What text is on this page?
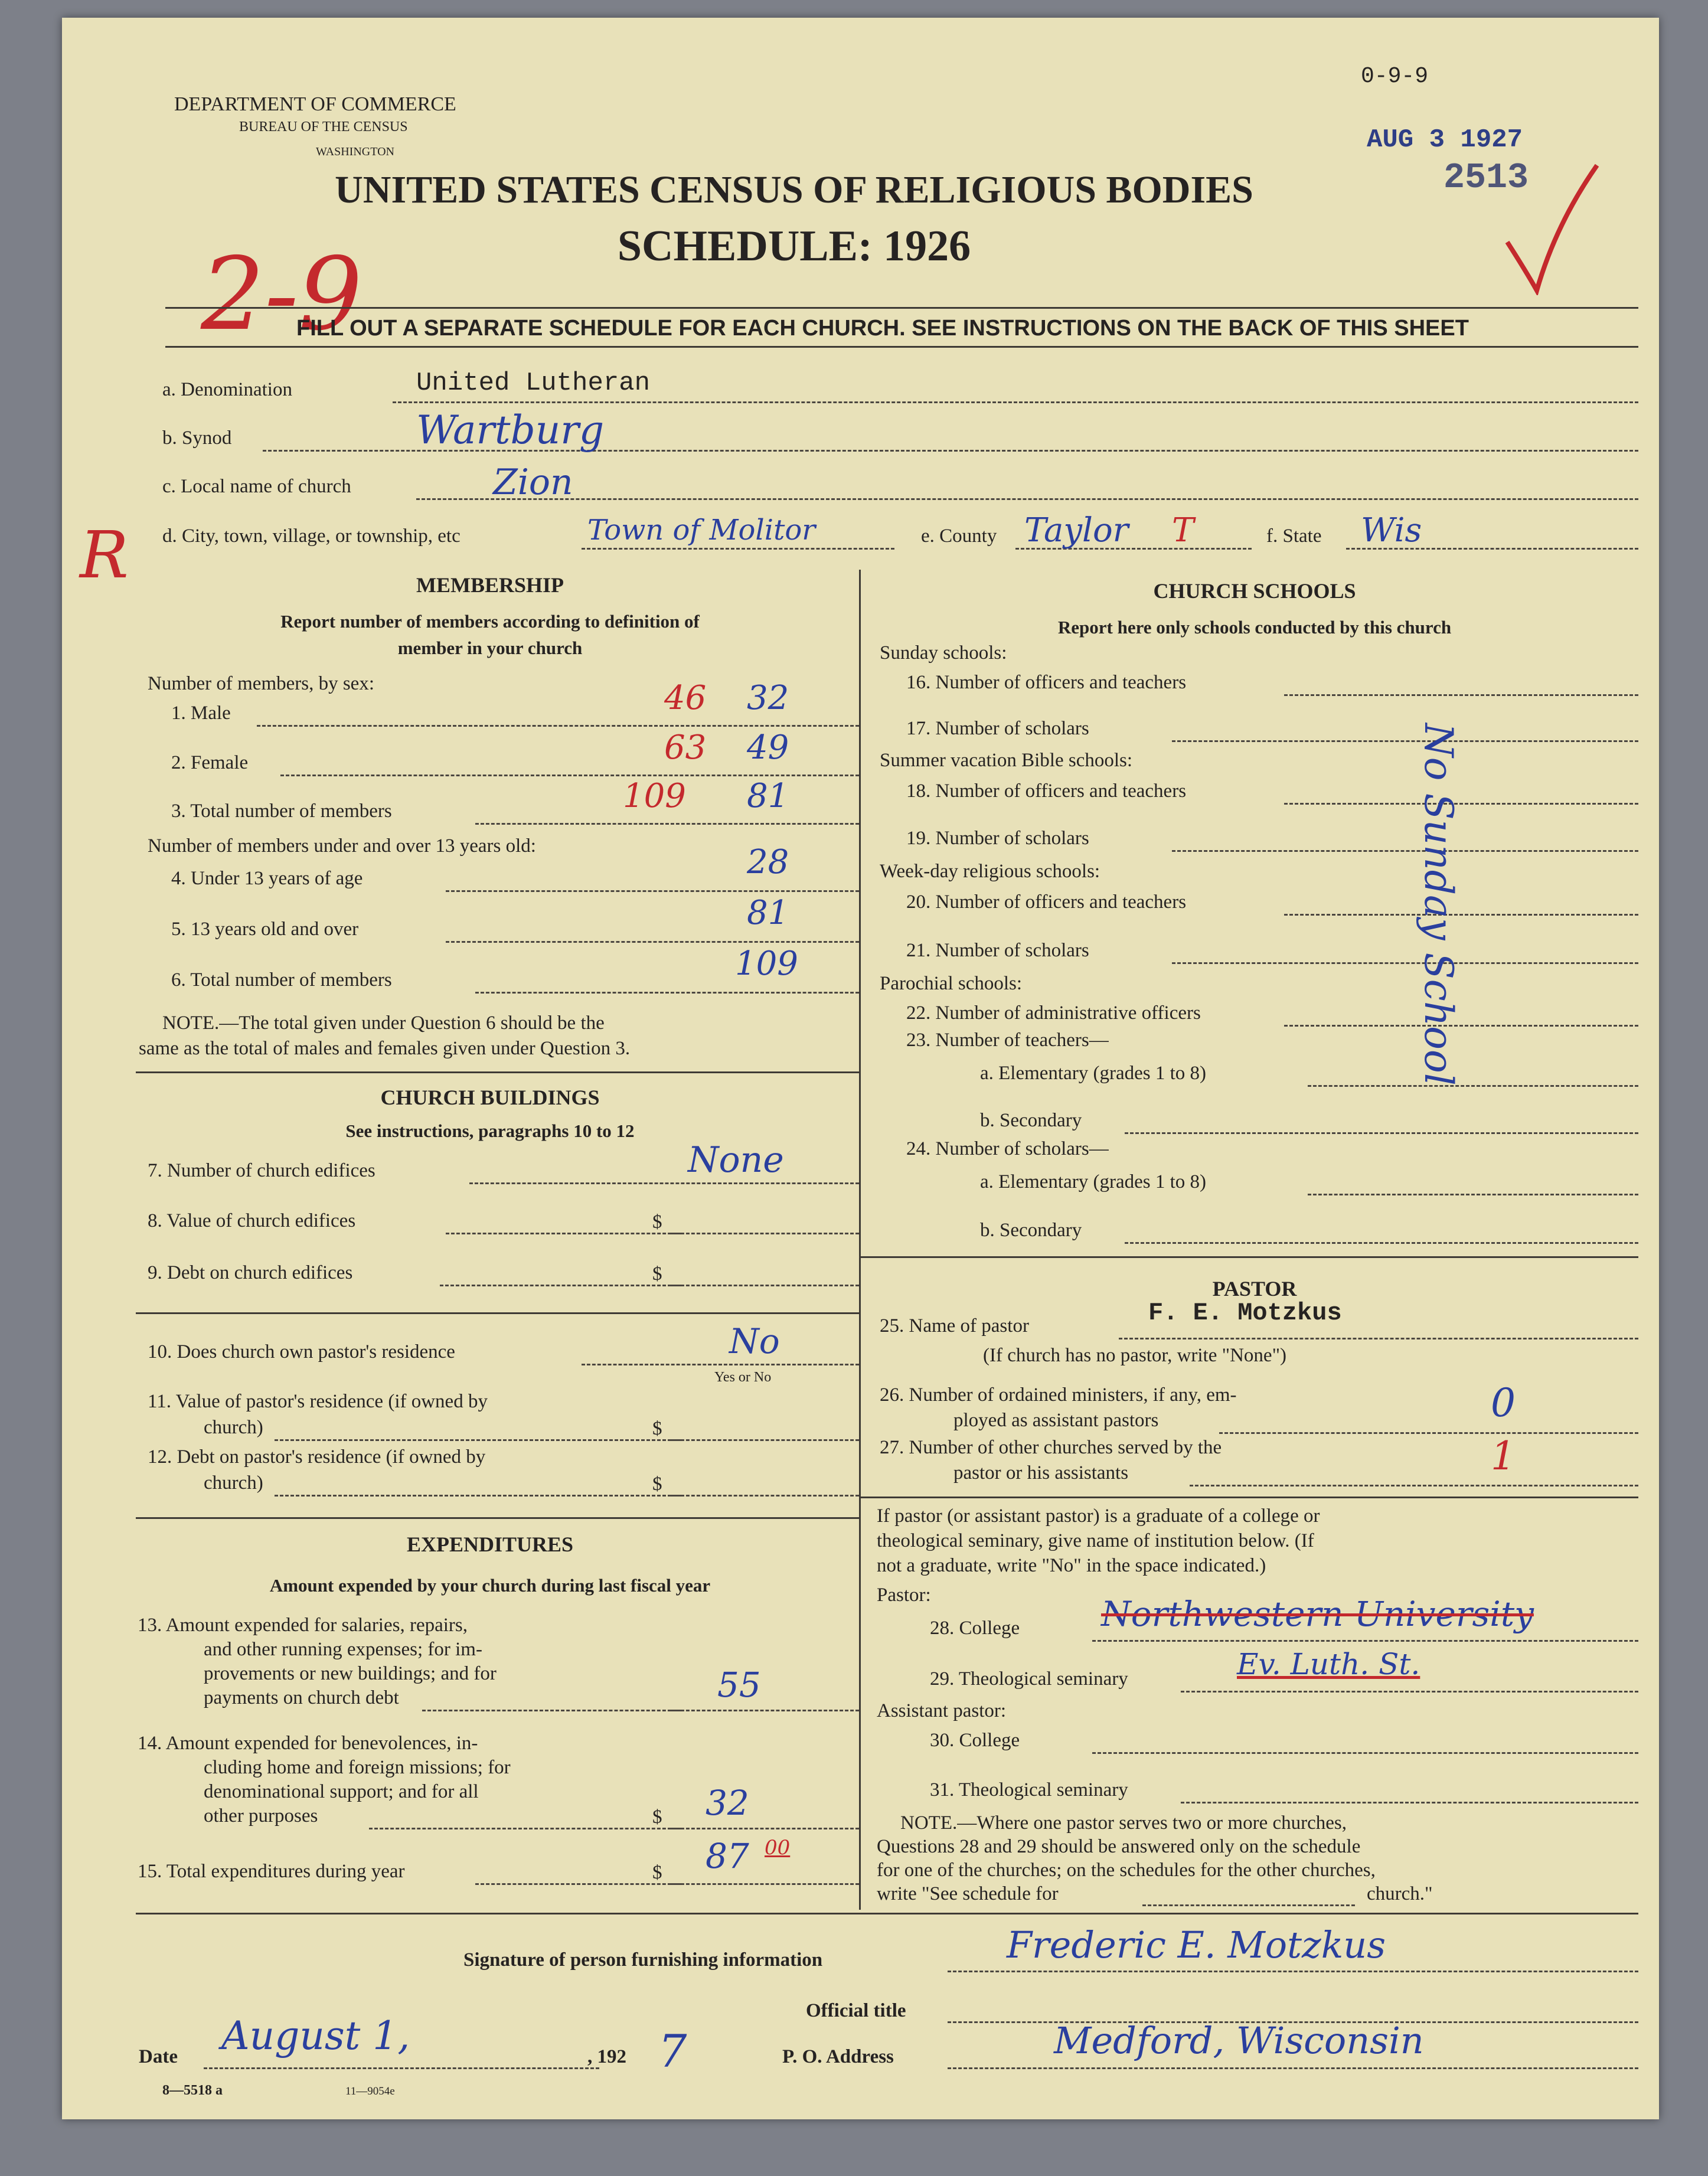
DEPARTMENT OF COMMERCE
BUREAU OF THE CENSUS
WASHINGTON
UNITED STATES CENSUS OF RELIGIOUS BODIES
SCHEDULE: 1926
0-9-9
AUG 3 1927
2513
2-9
FILL OUT A SEPARATE SCHEDULE FOR EACH CHURCH. SEE INSTRUCTIONS ON THE BACK OF THIS SHEET
a. Denomination	United Lutheran
b. Synod	Wartburg
c. Local name of church	Zion
R d. City, town, village, or township, etc	Town of Molitor	e. County Taylor T	f. State Wis
MEMBERSHIP
Report number of members according to definition of
member in your church
Number of members, by sex:
1. Male	46 32
2. Female	63 49
3. Total number of members	109 81
Number of members under and over 13 years old:
4. Under 13 years of age	28
5. 13 years old and over	81
6. Total number of members	109
NOTE.—The total given under Question 6 should be the
same as the total of males and females given under Question 3.
CHURCH BUILDINGS
See instructions, paragraphs 10 to 12
7. Number of church edifices	None
8. Value of church edifices	$
9. Debt on church edifices	$
10. Does church own pastor's residence	No
Yes or No
11. Value of pastor's residence (if owned by
church)	$
12. Debt on pastor's residence (if owned by
church)	$
EXPENDITURES
Amount expended by your church during last fiscal year
13. Amount expended for salaries, repairs,
and other running expenses; for im-
provements or new buildings; and for
payments on church debt	55
14. Amount expended for benevolences, in-
cluding home and foreign missions; for
denominational support; and for all
other purposes	$ 32
15. Total expenditures during year	$ 87 00
CHURCH SCHOOLS
Report here only schools conducted by this church
Sunday schools:
16. Number of officers and teachers
17. Number of scholars
Summer vacation Bible schools:
18. Number of officers and teachers
19. Number of scholars
Week-day religious schools:
20. Number of officers and teachers
21. Number of scholars
Parochial schools:
22. Number of administrative officers
23. Number of teachers—
a. Elementary (grades 1 to 8)
b. Secondary
24. Number of scholars—
a. Elementary (grades 1 to 8)
b. Secondary
No Sunday School
PASTOR
25. Name of pastor	F. E. Motzkus
(If church has no pastor, write "None")
26. Number of ordained ministers, if any, em-
ployed as assistant pastors	0
27. Number of other churches served by the
pastor or his assistants	1
If pastor (or assistant pastor) is a graduate of a college or
theological seminary, give name of institution below. (If
not a graduate, write "No" in the space indicated.)
Pastor:
28. College Northwestern University
29. Theological seminary	Ev. Luth. St.
Assistant pastor:
30. College
31. Theological seminary
NOTE.—Where one pastor serves two or more churches,
Questions 28 and 29 should be answered only on the schedule
for one of the churches; on the schedules for the other churches,
write "See schedule for	church."
Signature of person furnishing information	Frederic E. Motzkus
Official title
Date August 1,	, 192 7	P. O. Address	Medford, Wisconsin
8—5518 a	11—9054e
